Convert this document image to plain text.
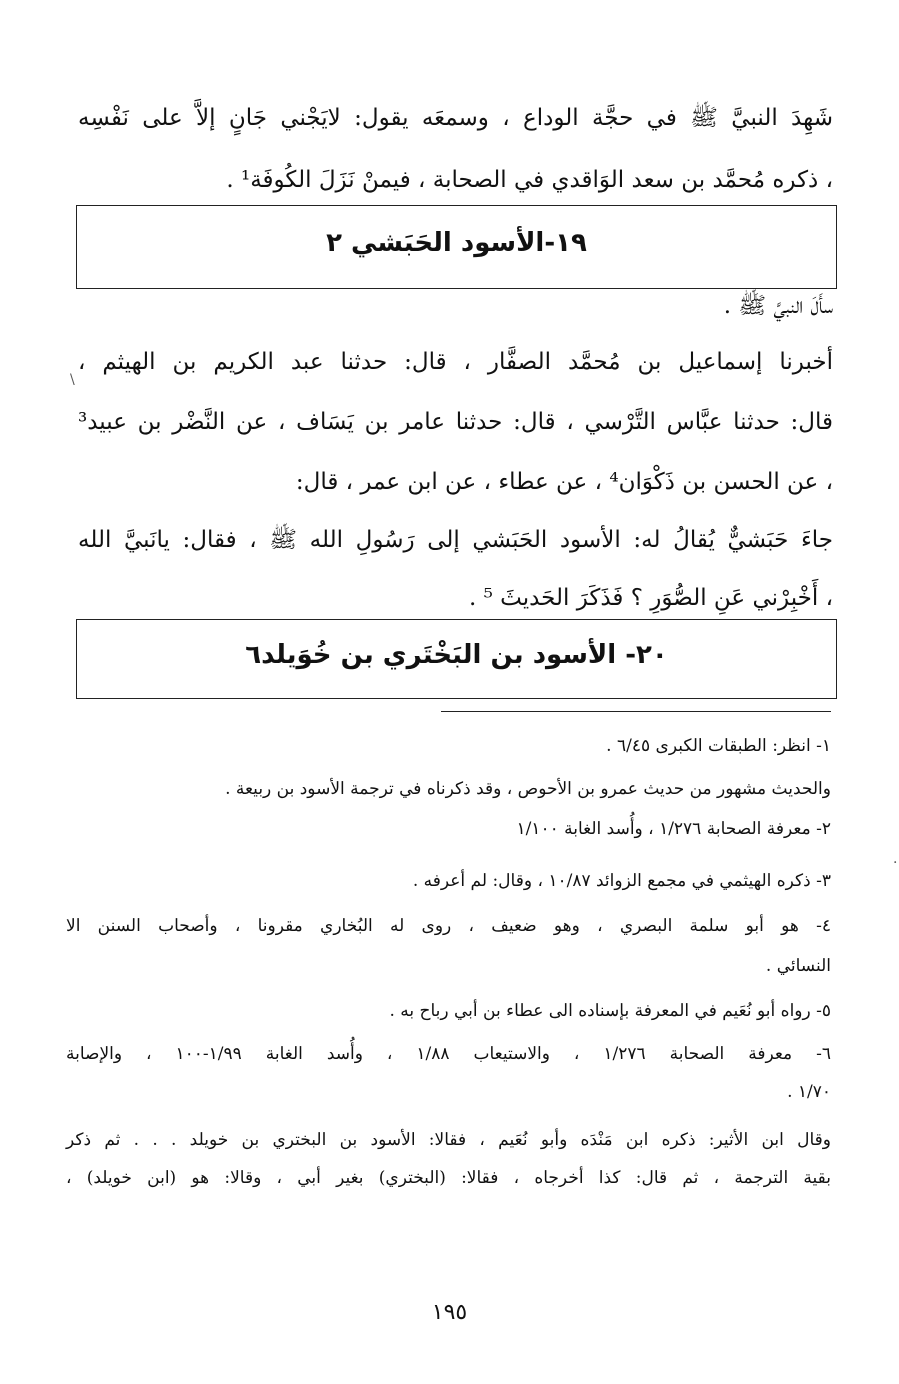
شَهِدَ النبيَّ ﷺ في حجَّة الوداع ، وسمعَه يقول: لايَجْني جَانٍ إلاَّ على نَفْسِه
، ذكره مُحمَّد بن سعد الوَاقدي في الصحابة ، فيمنْ نَزَلَ الكُوفَة¹ .
١٩-الأسود الحَبَشي ٢
سأَلَ النبيَّ ﷺ .
أخبرنا إسماعيل بن مُحمَّد الصفَّار ، قال: حدثنا عبد الكريم بن الهيثم ،
قال: حدثنا عبَّاس التَّرْسي ، قال: حدثنا عامر بن يَسَاف ، عن النَّضْر بن عبيد³
، عن الحسن بن ذَكْوَان⁴ ، عن عطاء ، عن ابن عمر ، قال:
جاءَ حَبَشيٌّ يُقالُ له: الأسود الحَبَشي إلى رَسُولِ الله ﷺ ، فقال: يانَبيَّ الله
، أَخْبِرْني عَنِ الصُّوَرِ ؟ فَذَكَرَ الحَديثَ ⁵ .
٢٠- الأسود بن البَخْتَري بن خُوَيلد٦
١- انظر: الطبقات الكبرى ٦/٤٥ .
والحديث مشهور من حديث عمرو بن الأحوص ، وقد ذكرناه في ترجمة الأسود بن ربيعة .
٢- معرفة الصحابة ١/٢٧٦ ، وأُسد الغابة ١/١٠٠
٣- ذكره الهيثمي في مجمع الزوائد ١٠/٨٧ ، وقال: لم أعرفه .
٤- هو أبو سلمة البصري ، وهو ضعيف ، روى له البُخاري مقرونا ، وأصحاب السنن الا
النسائي .
٥- رواه أبو نُعَيم في المعرفة بإسناده الى عطاء بن أبي رباح به .
٦- معرفة الصحابة ١/٢٧٦ ، والاستيعاب ١/٨٨ ، وأُسد الغابة ١/٩٩-١٠٠ ، والإصابة
١/٧٠ .
وقال ابن الأثير: ذكره ابن مَنْدَه وأبو نُعَيم ، فقالا: الأسود بن البختري بن خويلد . . . ثم ذكر
بقية الترجمة ، ثم قال: كذا أخرجاه ، فقالا: (البختري) بغير أبي ، وقالا: هو (ابن خويلد) ،
١٩٥
\
·
